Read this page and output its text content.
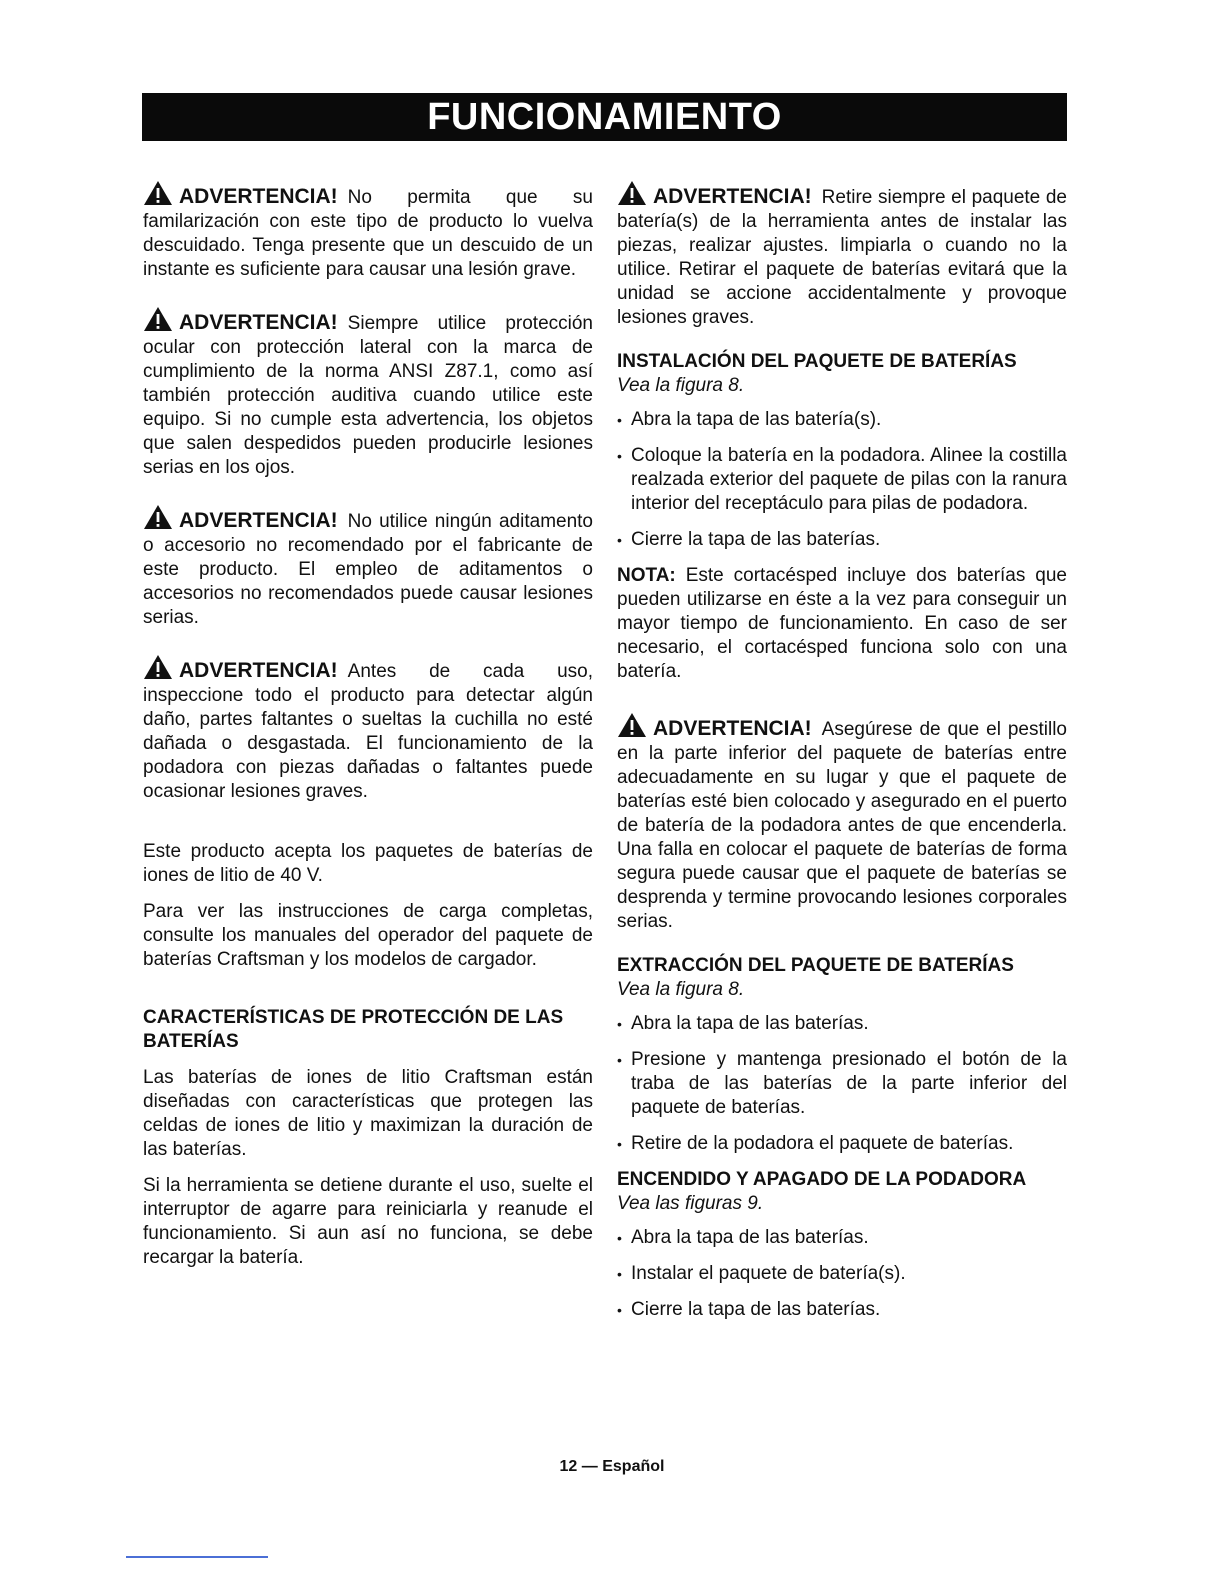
FUNCIONAMIENTO
ADVERTENCIA! No permita que su familarización con este tipo de producto lo vuelva descuidado. Tenga presente que un descuido de un instante es suficiente para causar una lesión grave.
ADVERTENCIA! Siempre utilice protección ocular con protección lateral con la marca de cumplimiento de la norma ANSI Z87.1, como así también protección auditiva cuando utilice este equipo. Si no cumple esta advertencia, los objetos que salen despedidos pueden producirle lesiones serias en los ojos.
ADVERTENCIA! No utilice ningún aditamento o accesorio no recomendado por el fabricante de este producto. El empleo de aditamentos o accesorios no recomendados puede causar lesiones serias.
ADVERTENCIA! Antes de cada uso, inspeccione todo el producto para detectar algún daño, partes faltantes o sueltas la cuchilla no esté dañada o desgastada. El funcionamiento de la podadora con piezas dañadas o faltantes puede ocasionar lesiones graves.

Este producto acepta los paquetes de baterías de iones de litio de 40 V.

Para ver las instrucciones de carga completas, consulte los manuales del operador del paquete de baterías Craftsman y los modelos de cargador.

CARACTERÍSTICAS DE PROTECCIÓN DE LAS BATERÍAS

Las baterías de iones de litio Craftsman están diseñadas con características que protegen las celdas de iones de litio y maximizan la duración de las baterías.

Si la herramienta se detiene durante el uso, suelte el interruptor de agarre para reiniciarla y reanude el funcionamiento. Si aun así no funciona, se debe recargar la batería.

ADVERTENCIA! Retire siempre el paquete de batería(s) de la herramienta antes de instalar las piezas, realizar ajustes. limpiarla o cuando no la utilice. Retirar el paquete de baterías evitará que la unidad se accione accidentalmente y provoque lesiones graves.
INSTALACIÓN DEL PAQUETE DE BATERÍAS
Vea la figura 8.
• Abra la tapa de las batería(s).
• Coloque la batería en la podadora. Alinee la costilla realzada exterior del paquete de pilas con la ranura interior del receptáculo para pilas de podadora.
• Cierre la tapa de las baterías.

NOTA: Este cortacésped incluye dos baterías que pueden utilizarse en éste a la vez para conseguir un mayor tiempo de funcionamiento. En caso de ser necesario, el cortacésped funciona solo con una batería.

ADVERTENCIA! Asegúrese de que el pestillo en la parte inferior del paquete de baterías entre adecuadamente en su lugar y que el paquete de baterías esté bien colocado y asegurado en el puerto de batería de la podadora antes de que encenderla. Una falla en colocar el paquete de baterías de forma segura puede causar que el paquete de baterías se desprenda y termine provocando lesiones corporales serias.
EXTRACCIÓN DEL PAQUETE DE BATERÍAS
Vea la figura 8.
• Abra la tapa de las baterías.
• Presione y mantenga presionado el botón de la traba de las baterías de la parte inferior del paquete de baterías.
• Retire de la podadora el paquete de baterías.
ENCENDIDO Y APAGADO DE LA PODADORA
Vea las figuras 9.
• Abra la tapa de las baterías.
• Instalar el paquete de batería(s).
• Cierre la tapa de las baterías.
12 — Español
